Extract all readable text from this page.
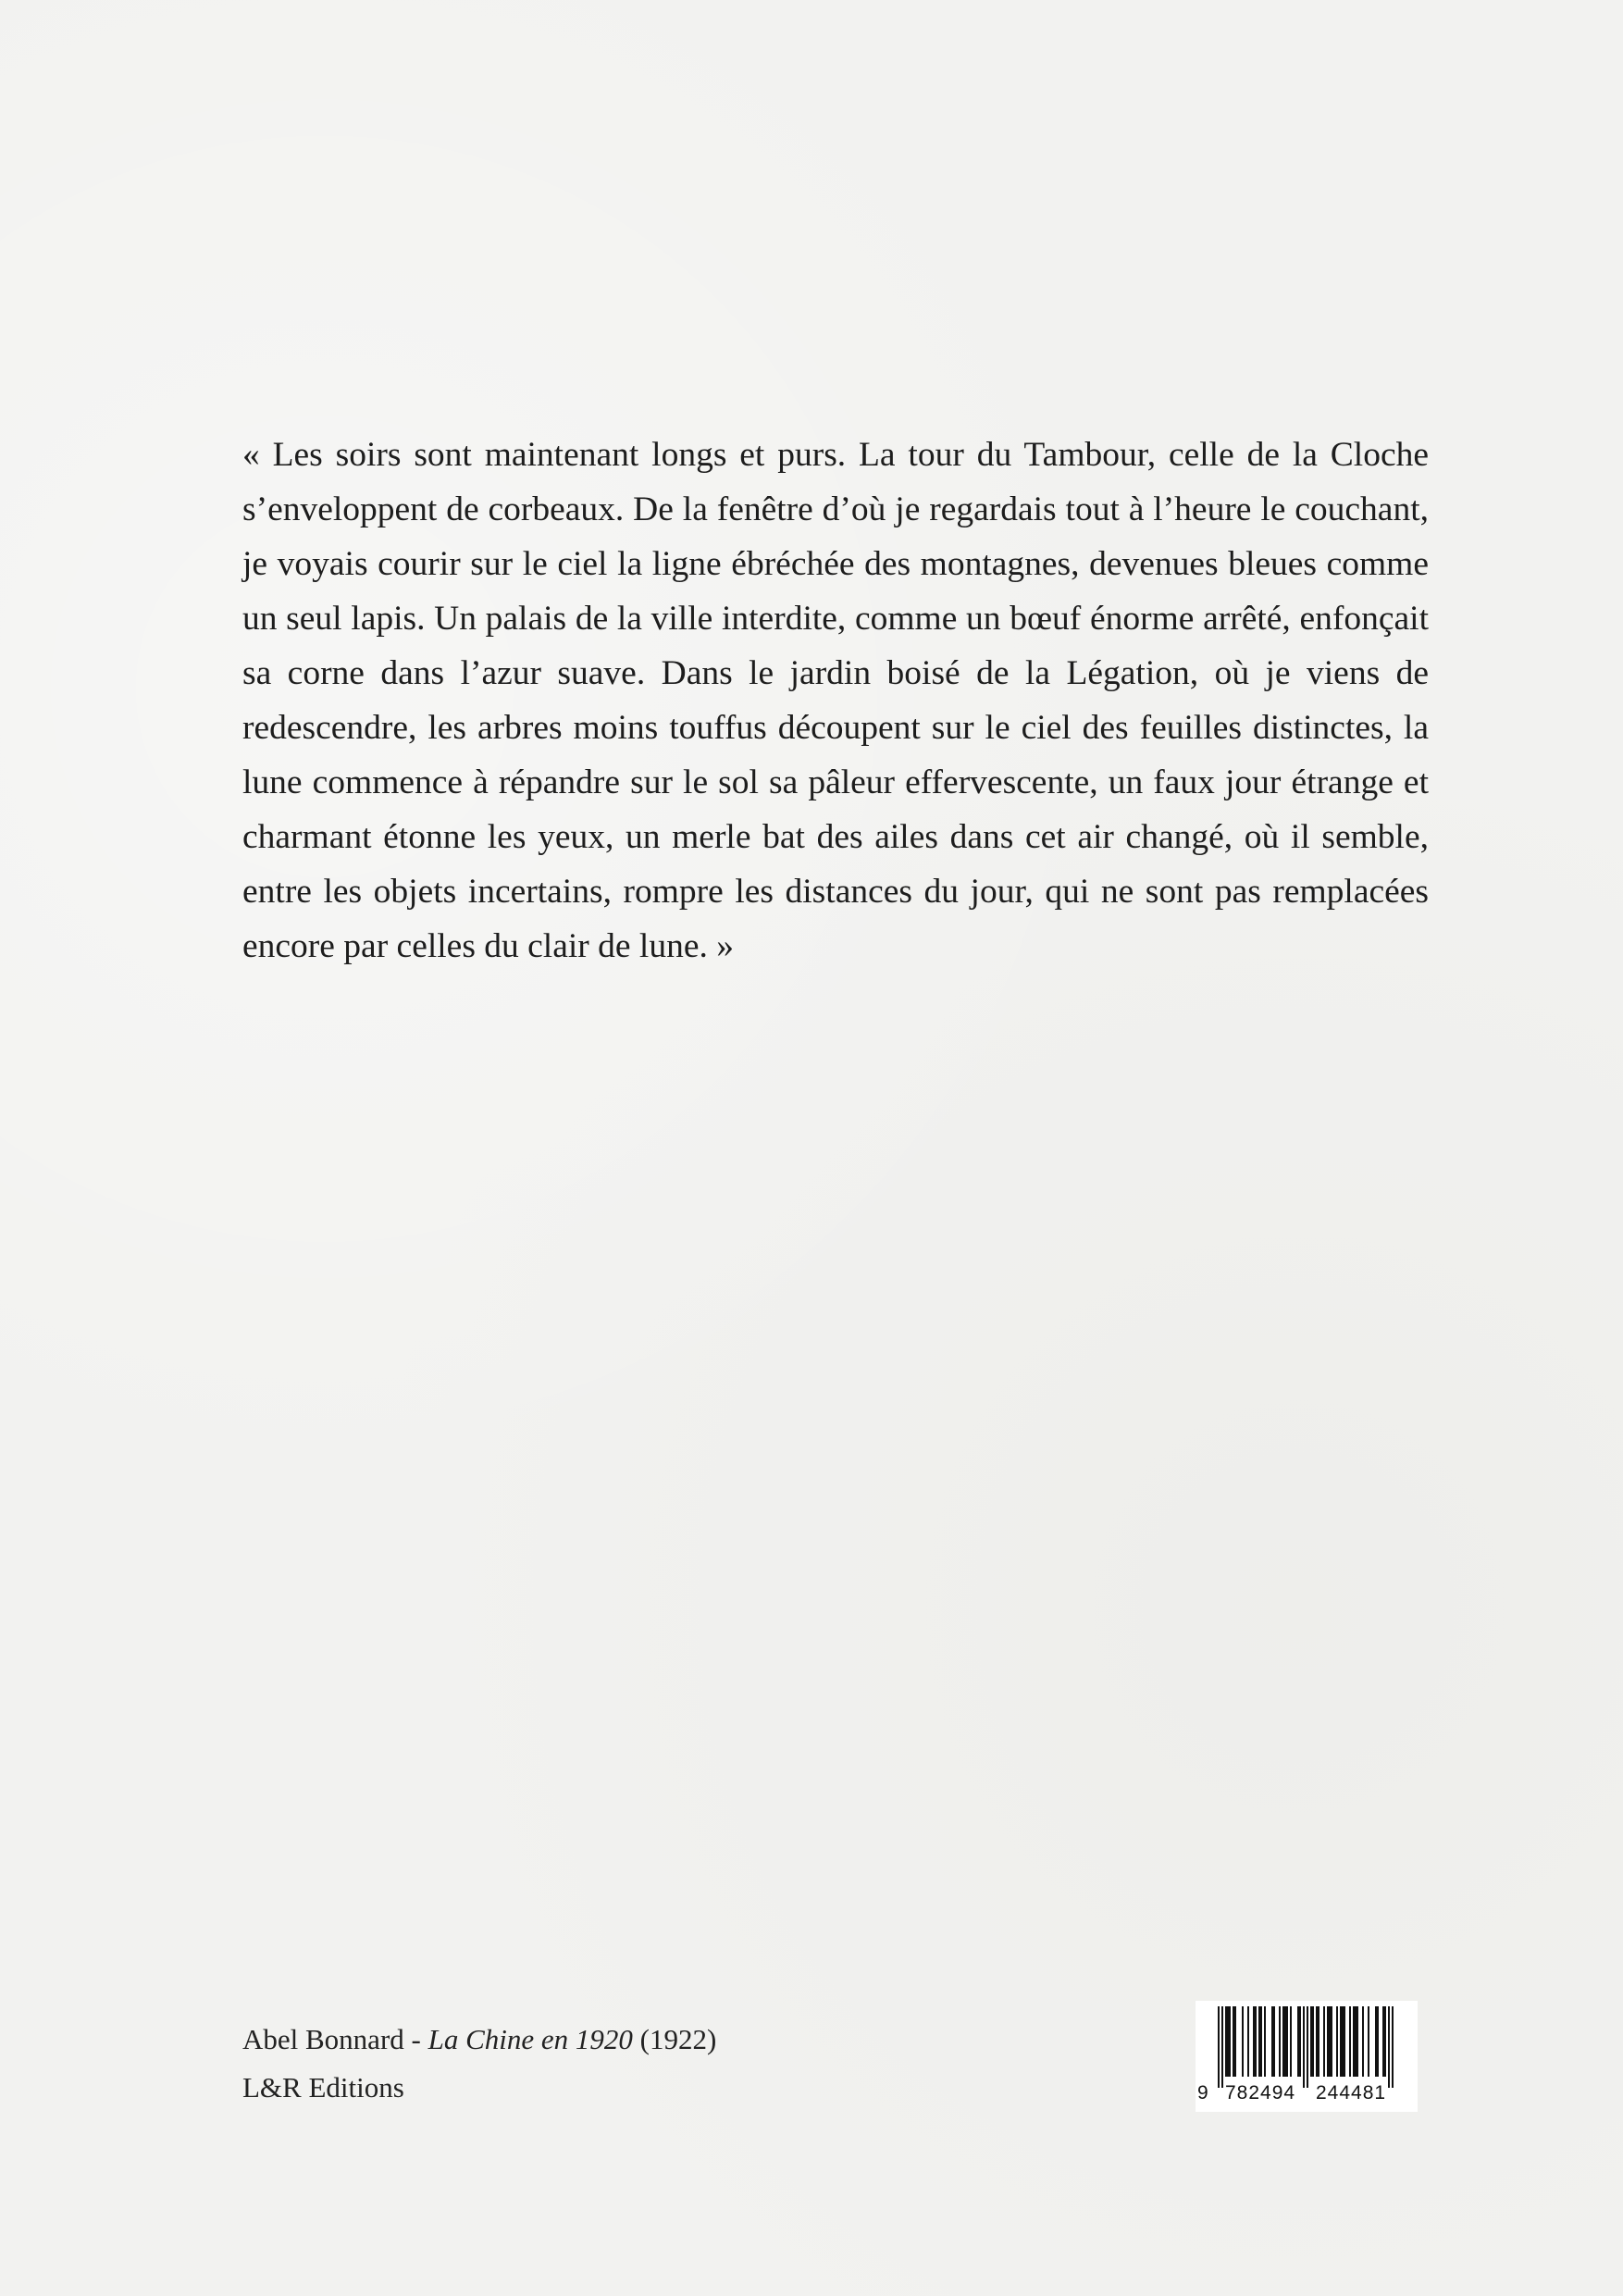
« Les soirs sont maintenant longs et purs. La tour du Tambour, celle de la Cloche s’enveloppent de corbeaux. De la fenêtre d’où je regardais tout à l’heure le couchant, je voyais courir sur le ciel la ligne ébréchée des montagnes, devenues bleues comme un seul lapis. Un palais de la ville interdite, comme un bœuf énorme arrêté, enfonçait sa corne dans l’azur suave. Dans le jardin boisé de la Légation, où je viens de redescendre, les arbres moins touffus découpent sur le ciel des feuilles distinctes, la lune commence à répandre sur le sol sa pâleur effervescente, un faux jour étrange et charmant étonne les yeux, un merle bat des ailes dans cet air changé, où il semble, entre les objets incertains, rompre les distances du jour, qui ne sont pas remplacées encore par celles du clair de lune. »

Abel Bonnard - La Chine en 1920 (1922)
L&R Editions	9 782494 244481
